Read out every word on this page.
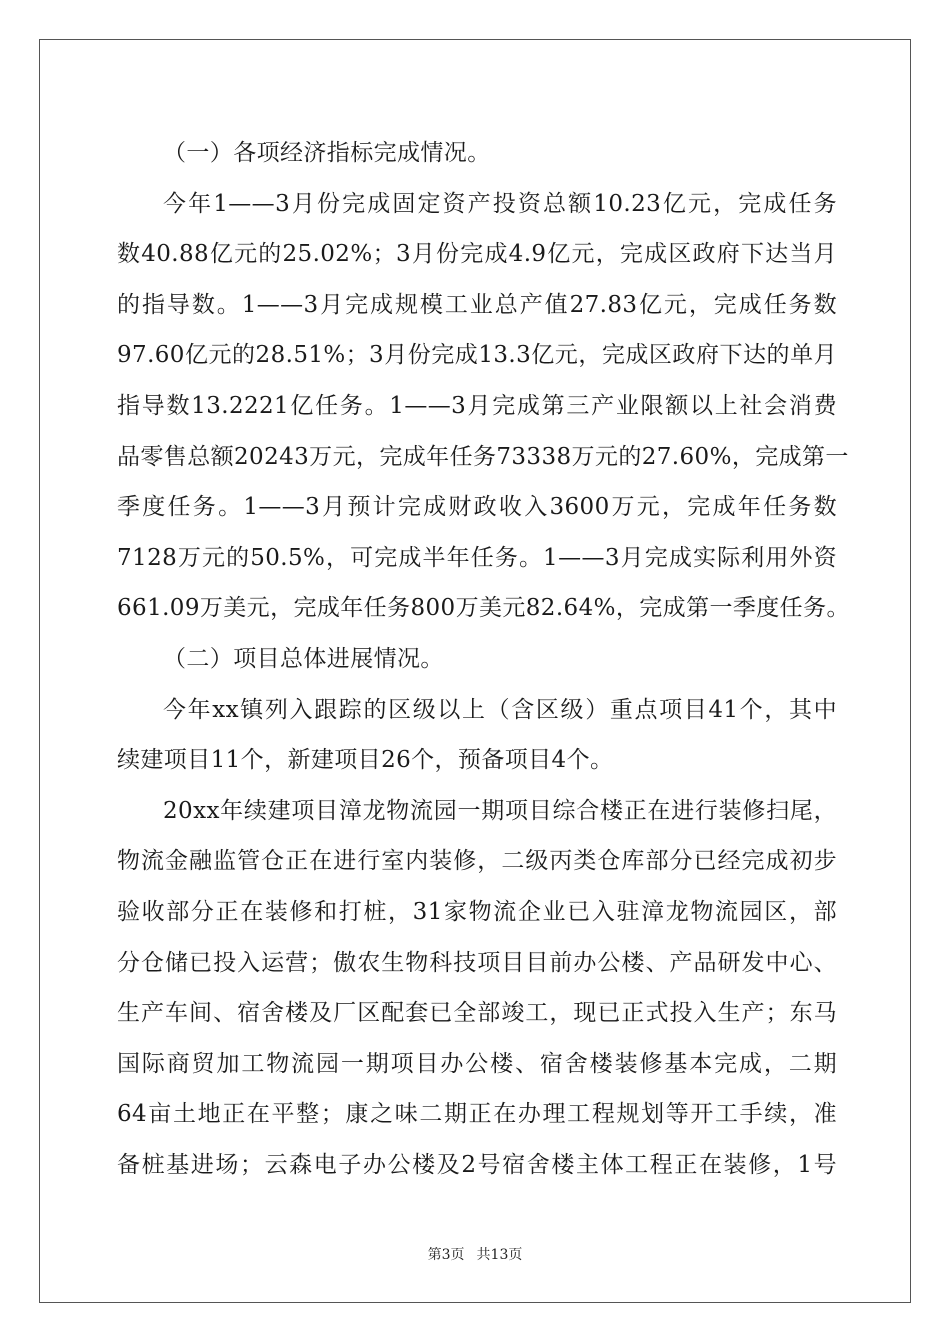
（一）各项经济指标完成情况。
今年1——3月份完成固定资产投资总额10.23亿元，完成任务
数40.88亿元的25.02%；3月份完成4.9亿元，完成区政府下达当月
的指导数。1——3月完成规模工业总产值27.83亿元，完成任务数
97.60亿元的28.51%；3月份完成13.3亿元，完成区政府下达的单月
指导数13.2221亿任务。1——3月完成第三产业限额以上社会消费
品零售总额20243万元，完成年任务73338万元的27.60%，完成第一
季度任务。1——3月预计完成财政收入3600万元，完成年任务数
7128万元的50.5%，可完成半年任务。1——3月完成实际利用外资
661.09万美元，完成年任务800万美元82.64%，完成第一季度任务。
（二）项目总体进展情况。
今年xx镇列入跟踪的区级以上（含区级）重点项目41个，其中
续建项目11个，新建项目26个，预备项目4个。
20xx年续建项目漳龙物流园一期项目综合楼正在进行装修扫尾，
物流金融监管仓正在进行室内装修，二级丙类仓库部分已经完成初步
验收部分正在装修和打桩，31家物流企业已入驻漳龙物流园区，部
分仓储已投入运营；傲农生物科技项目目前办公楼、产品研发中心、
生产车间、宿舍楼及厂区配套已全部竣工，现已正式投入生产；东马
国际商贸加工物流园一期项目办公楼、宿舍楼装修基本完成，二期
64亩土地正在平整；康之味二期正在办理工程规划等开工手续，准
备桩基进场；云森电子办公楼及2号宿舍楼主体工程正在装修，1号
第3页 共13页
